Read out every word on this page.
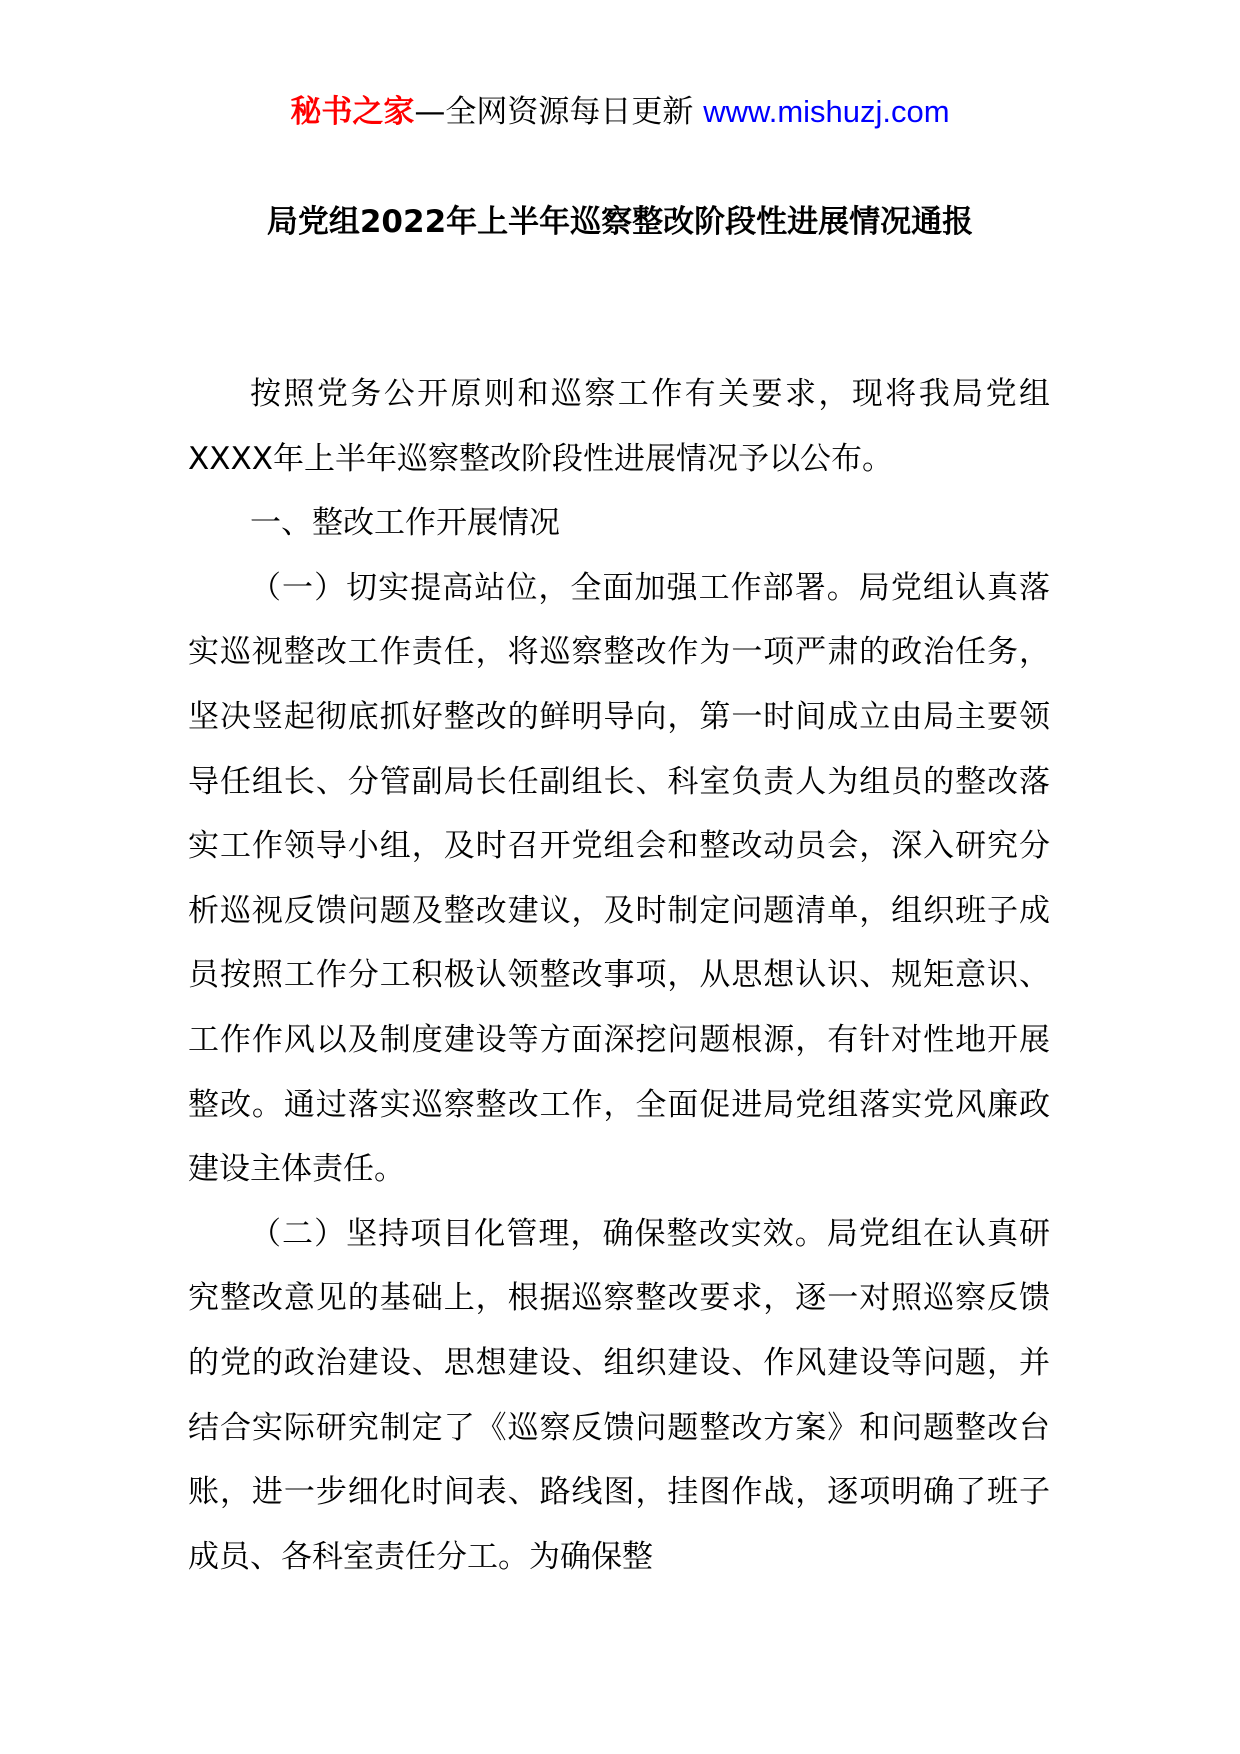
秘书之家—全网资源每日更新 www.mishuzj.com
局党组2022年上半年巡察整改阶段性进展情况通报

按照党务公开原则和巡察工作有关要求，现将我局党组XXXX年上半年巡察整改阶段性进展情况予以公布。

一、整改工作开展情况

（一）切实提高站位，全面加强工作部署。局党组认真落实巡视整改工作责任，将巡察整改作为一项严肃的政治任务，坚决竖起彻底抓好整改的鲜明导向，第一时间成立由局主要领导任组长、分管副局长任副组长、科室负责人为组员的整改落实工作领导小组，及时召开党组会和整改动员会，深入研究分析巡视反馈问题及整改建议，及时制定问题清单，组织班子成员按照工作分工积极认领整改事项，从思想认识、规矩意识、工作作风以及制度建设等方面深挖问题根源，有针对性地开展整改。通过落实巡察整改工作，全面促进局党组落实党风廉政建设主体责任。

（二）坚持项目化管理，确保整改实效。局党组在认真研究整改意见的基础上，根据巡察整改要求，逐一对照巡察反馈的党的政治建设、思想建设、组织建设、作风建设等问题，并结合实际研究制定了《巡察反馈问题整改方案》和问题整改台账，进一步细化时间表、路线图，挂图作战，逐项明确了班子成员、各科室责任分工。为确保整
